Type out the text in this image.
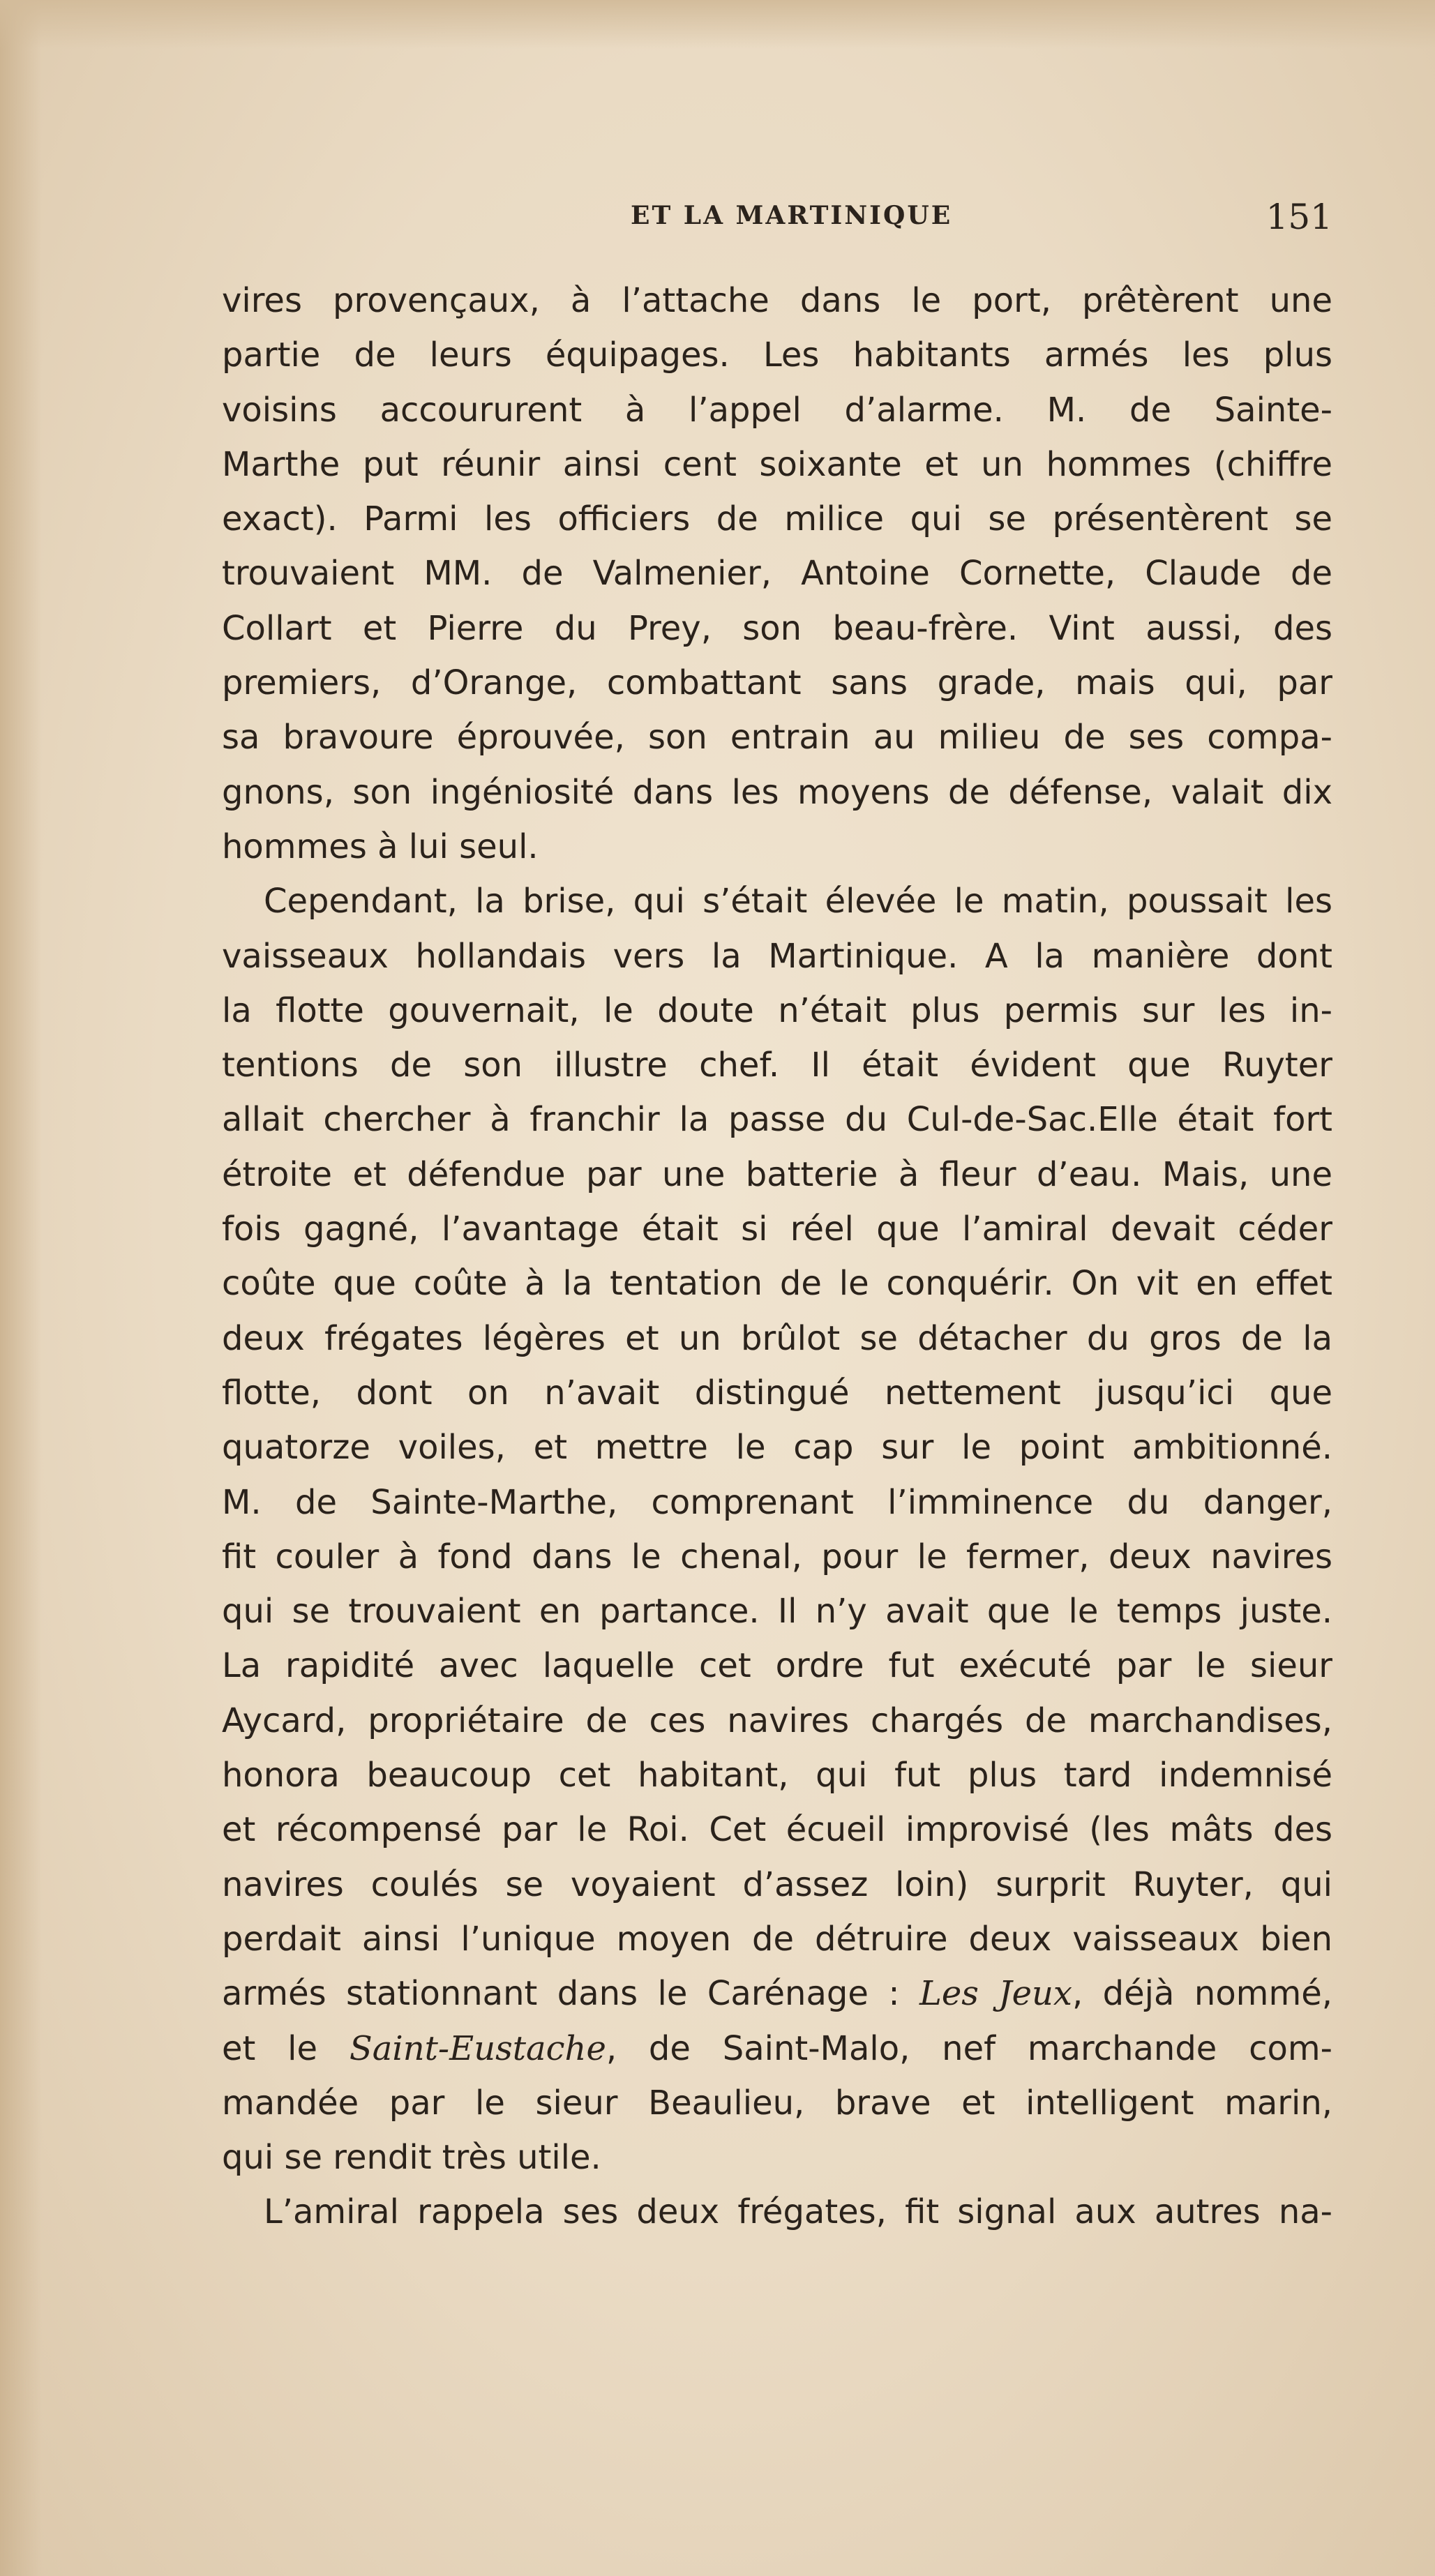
ET LA MARTINIQUE	151
vires provençaux, à l’attache dans le port, prêtèrent une
partie de leurs équipages. Les habitants armés les plus
voisins accoururent à l’appel d’alarme. M. de Sainte-
Marthe put réunir ainsi cent soixante et un hommes (chiffre
exact). Parmi les officiers de milice qui se présentèrent se
trouvaient MM. de Valmenier, Antoine Cornette, Claude de
Collart et Pierre du Prey, son beau-frère. Vint aussi, des
premiers, d’Orange, combattant sans grade, mais qui, par
sa bravoure éprouvée, son entrain au milieu de ses compa-
gnons, son ingéniosité dans les moyens de défense, valait dix
hommes à lui seul.
Cependant, la brise, qui s’était élevée le matin, poussait les
vaisseaux hollandais vers la Martinique. A la manière dont
la flotte gouvernait, le doute n’était plus permis sur les in-
tentions de son illustre chef. Il était évident que Ruyter
allait chercher à franchir la passe du Cul-de-Sac.Elle était fort
étroite et défendue par une batterie à fleur d’eau. Mais, une
fois gagné, l’avantage était si réel que l’amiral devait céder
coûte que coûte à la tentation de le conquérir. On vit en effet
deux frégates légères et un brûlot se détacher du gros de la
flotte, dont on n’avait distingué nettement jusqu’ici que
quatorze voiles, et mettre le cap sur le point ambitionné.
M. de Sainte-Marthe, comprenant l’imminence du danger,
fit couler à fond dans le chenal, pour le fermer, deux navires
qui se trouvaient en partance. Il n’y avait que le temps juste.
La rapidité avec laquelle cet ordre fut exécuté par le sieur
Aycard, propriétaire de ces navires chargés de marchandises,
honora beaucoup cet habitant, qui fut plus tard indemnisé
et récompensé par le Roi. Cet écueil improvisé (les mâts des
navires coulés se voyaient d’assez loin) surprit Ruyter, qui
perdait ainsi l’unique moyen de détruire deux vaisseaux bien
armés stationnant dans le Carénage : Les Jeux, déjà nommé,
et le Saint-Eustache, de Saint-Malo, nef marchande com-
mandée par le sieur Beaulieu, brave et intelligent marin,
qui se rendit très utile.
L’amiral rappela ses deux frégates, fit signal aux autres na-
